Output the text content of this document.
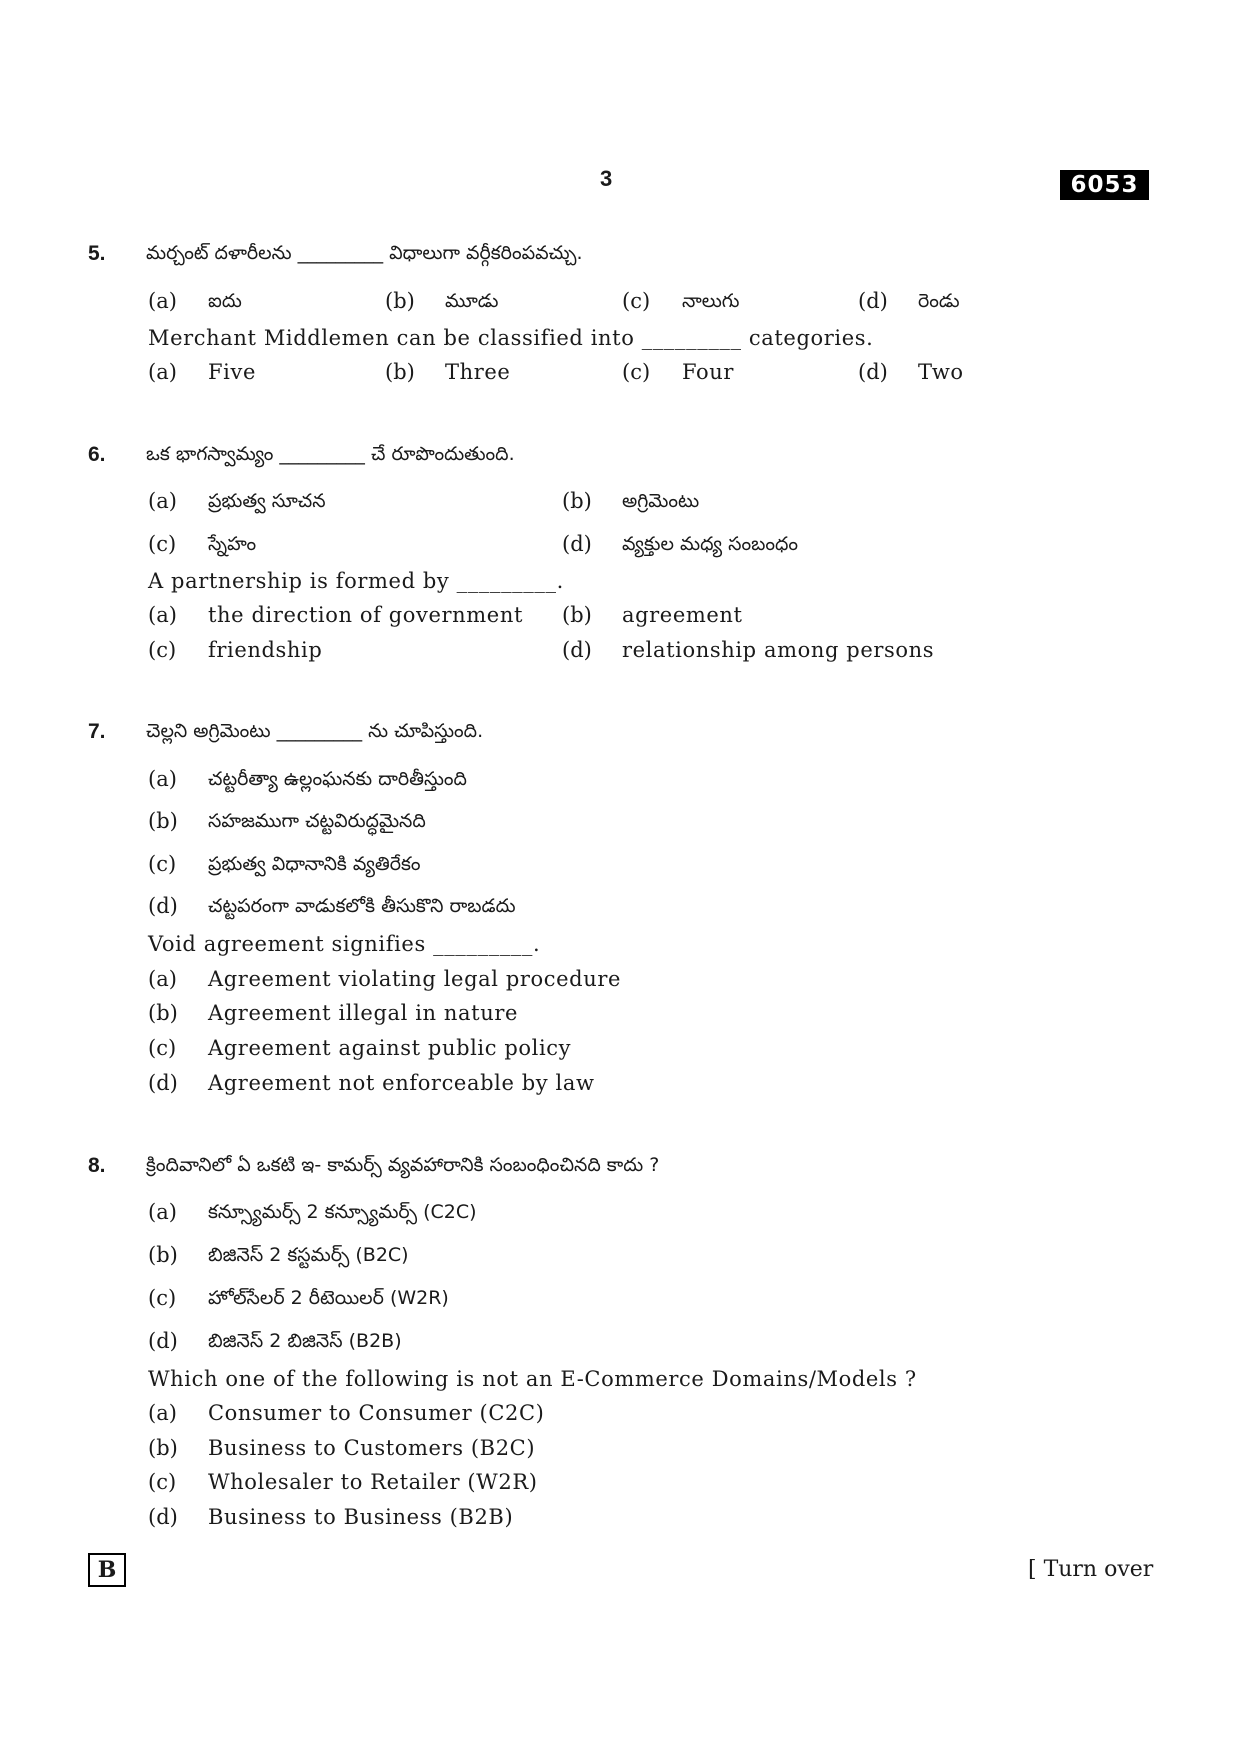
3	6053
5. మర్చంట్ దళారీలను _________ విధాలుగా వర్గీకరింపవచ్చు.
(a) ఐదు	(b) మూడు	(c) నాలుగు	(d) రెండు
Merchant Middlemen can be classified into _________ categories.
(a) Five	(b) Three	(c) Four	(d) Two
6. ఒక భాగస్వామ్యం _________ చే రూపొందుతుంది.
(a) ప్రభుత్వ సూచన	(b) అగ్రిమెంటు
(c) స్నేహం	(d) వ్యక్తుల మధ్య సంబంధం
A partnership is formed by _________.
(a) the direction of government (b) agreement
(c) friendship	(d) relationship among persons
7. చెల్లని అగ్రిమెంటు _________ ను చూపిస్తుంది.
(a) చట్టరీత్యా ఉల్లంఘనకు దారితీస్తుంది
(b) సహజముగా చట్టవిరుద్ధమైనది
(c) ప్రభుత్వ విధానానికి వ్యతిరేకం
(d) చట్టపరంగా వాడుకలోకి తీసుకొని రాబడదు
Void agreement signifies _________.
(a) Agreement violating legal procedure
(b) Agreement illegal in nature
(c) Agreement against public policy
(d) Agreement not enforceable by law
8. క్రిందివానిలో ఏ ఒకటి ఇ- కామర్స్ వ్యవహారానికి సంబంధించినది కాదు ?
(a) కన్స్యూమర్స్ 2 కన్స్యూమర్స్ (C2C)
(b) బిజినెస్ 2 కస్టమర్స్ (B2C)
(c) హోల్‌సేలర్ 2 రీటెయిలర్ (W2R)
(d) బిజినెస్ 2 బిజినెస్ (B2B)
Which one of the following is not an E-Commerce Domains/Models ?
(a) Consumer to Consumer (C2C)
(b) Business to Customers (B2C)
(c) Wholesaler to Retailer (W2R)
(d) Business to Business (B2B)
B	[ Turn over
